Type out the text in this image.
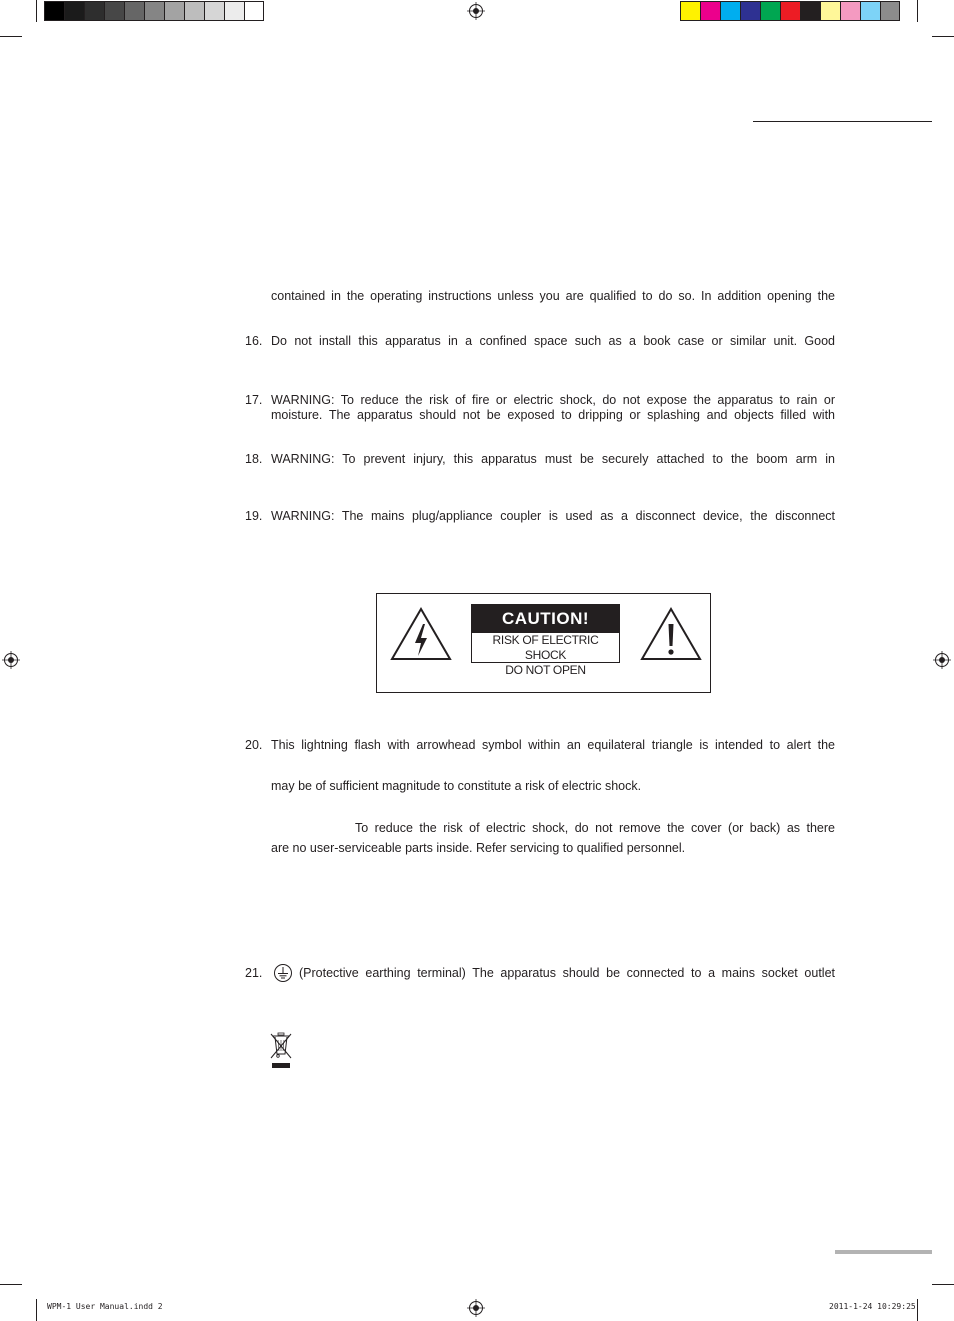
contained in the operating instructions unless you are qualified to do so. In addition opening the
16. Do not install this apparatus in a confined space such as a book case or similar unit. Good
17. WARNING: To reduce the risk of fire or electric shock, do not expose the apparatus to rain or
moisture. The apparatus should not be exposed to dripping or splashing and objects filled with
18. WARNING: To prevent injury, this apparatus must be securely attached to the boom arm in
19. WARNING: The mains plug/appliance coupler is used as a disconnect device, the disconnect
CAUTION!
RISK OF ELECTRIC SHOCK
DO NOT OPEN
20. This lightning flash with arrowhead symbol within an equilateral triangle is intended to alert the
may be of sufficient magnitude to constitute a risk of electric shock.
To reduce the risk of electric shock, do not remove the cover (or back) as there
are no user-serviceable parts inside. Refer servicing to qualified personnel.
21.	(Protective earthing terminal) The apparatus should be connected to a mains socket outlet
WPM-1 User Manual.indd 2	2011-1-24 10:29:25
